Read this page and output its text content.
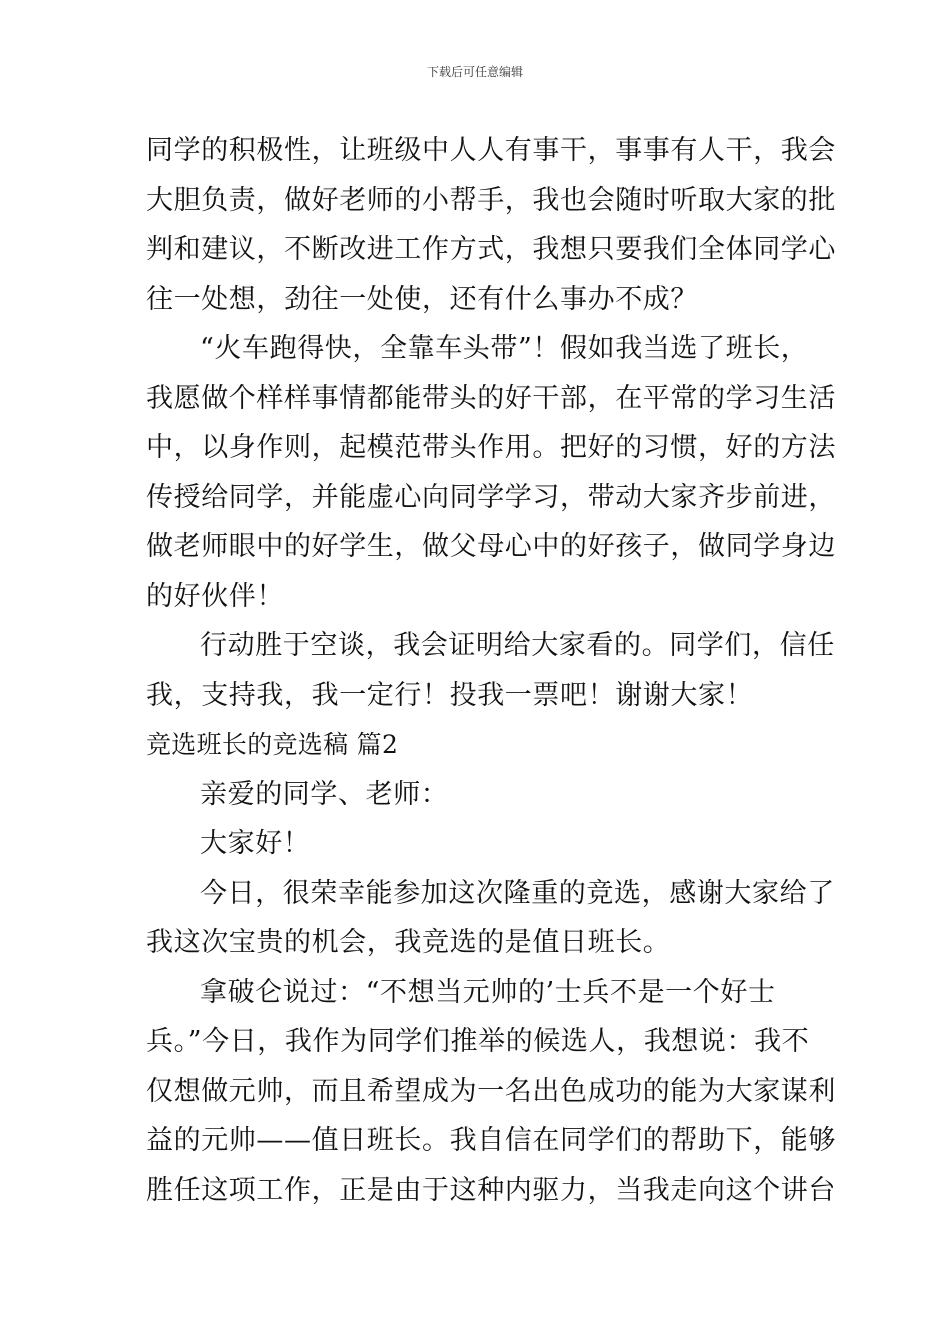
下载后可任意编辑
同学的积极性，让班级中人人有事干，事事有人干，我会
大胆负责，做好老师的小帮手，我也会随时听取大家的批
判和建议，不断改进工作方式，我想只要我们全体同学心
往一处想，劲往一处使，还有什么事办不成？
“火车跑得快，全靠车头带”！假如我当选了班长，
我愿做个样样事情都能带头的好干部，在平常的学习生活
中，以身作则，起模范带头作用。把好的习惯，好的方法
传授给同学，并能虚心向同学学习，带动大家齐步前进，
做老师眼中的好学生，做父母心中的好孩子，做同学身边
的好伙伴！
行动胜于空谈，我会证明给大家看的。同学们，信任
我，支持我，我一定行！投我一票吧！谢谢大家！
竞选班长的竞选稿 篇2
亲爱的同学、老师：
大家好！
今日，很荣幸能参加这次隆重的竞选，感谢大家给了
我这次宝贵的机会，我竞选的是值日班长。
拿破仑说过：“不想当元帅的’士兵不是一个好士
兵。”今日，我作为同学们推举的候选人，我想说：我不
仅想做元帅，而且希望成为一名出色成功的能为大家谋利
益的元帅——值日班长。我自信在同学们的帮助下，能够
胜任这项工作，正是由于这种内驱力，当我走向这个讲台
